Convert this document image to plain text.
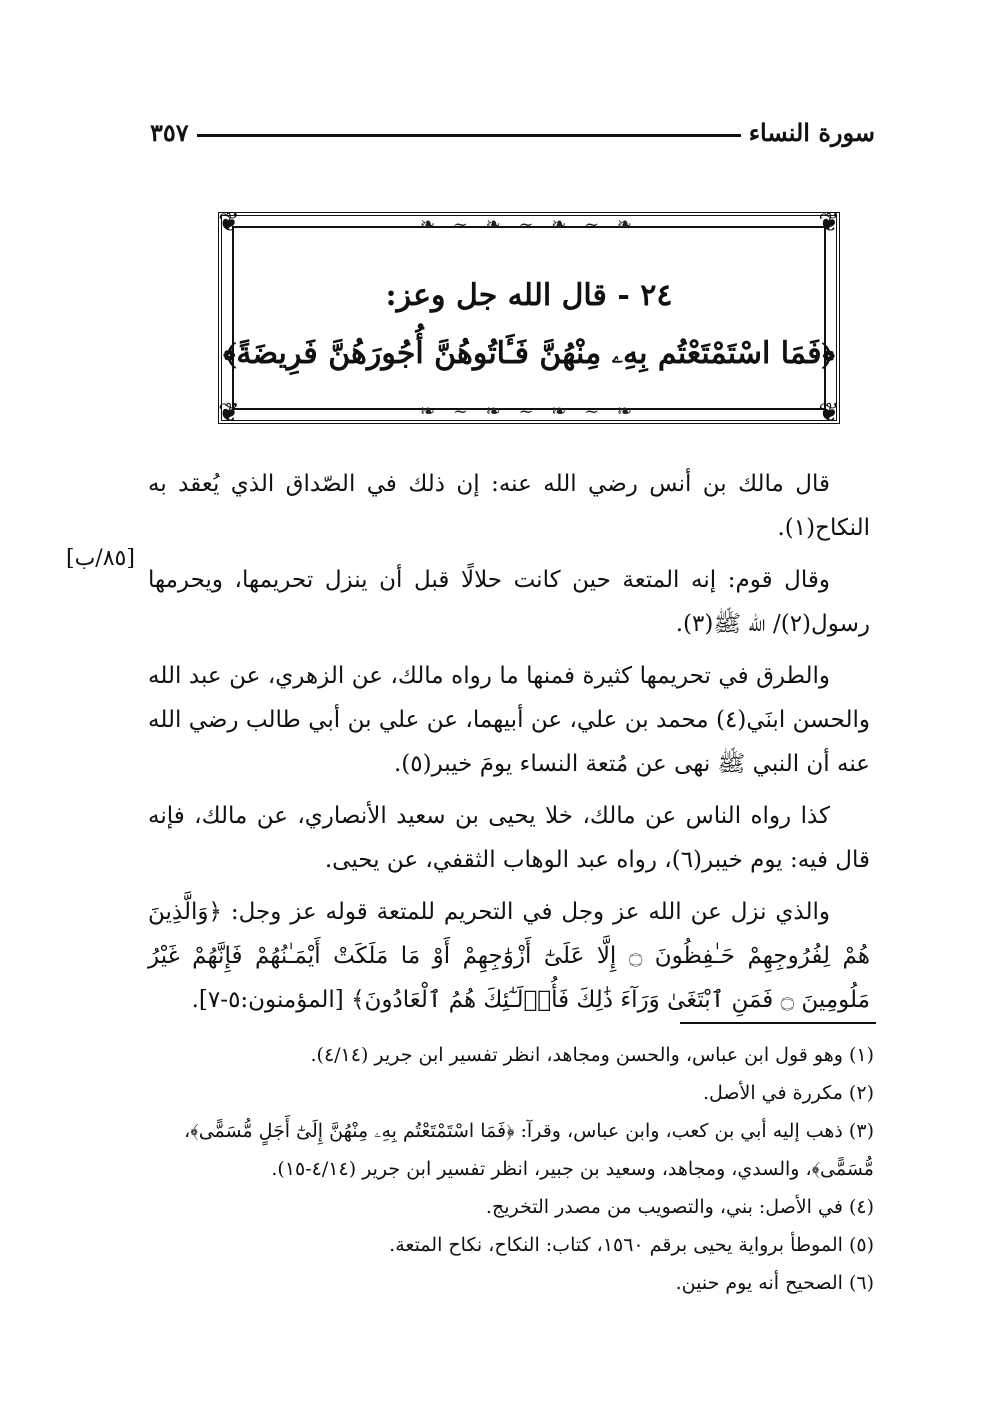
سورة النساء
٣٥٧
❦	❦
❦	❦
❧ ~ ❧ ~ ❧ ~ ❧
❧ ~ ❧ ~ ❧ ~ ❧
٢٤ - قال الله جل وعز:
﴿فَمَا اسْتَمْتَعْتُم بِهِۦ مِنْهُنَّ فَـَٔاتُوهُنَّ أُجُورَهُنَّ فَرِيضَةً﴾
[٨٥/ب]

قال مالك بن أنس رضي الله عنه: إن ذلك في الصّداق الذي يُعقد به النكاح(١).

وقال قوم: إنه المتعة حين كانت حلالًا قبل أن ينزل تحريمها، ويحرمها رسول(٢)/ الله ﷺ(٣).

والطرق في تحريمها كثيرة فمنها ما رواه مالك، عن الزهري، عن عبد الله والحسن ابنَي(٤) محمد بن علي، عن أبيهما، عن علي بن أبي طالب رضي الله عنه أن النبي ﷺ نهى عن مُتعة النساء يومَ خيبر(٥).

كذا رواه الناس عن مالك، خلا يحيى بن سعيد الأنصاري، عن مالك، فإنه قال فيه: يوم خيبر(٦)، رواه عبد الوهاب الثقفي، عن يحيى.

والذي نزل عن الله عز وجل في التحريم للمتعة قوله عز وجل: ﴿وَالَّذِينَ هُمْ لِفُرُوجِهِمْ حَـٰفِظُونَ ۝ إِلَّا عَلَىٰٓ أَزْوَٰجِهِمْ أَوْ مَا مَلَكَتْ أَيْمَـٰنُهُمْ فَإِنَّهُمْ غَيْرُ مَلُومِينَ ۝ فَمَنِ ٱبْتَغَىٰ وَرَآءَ ذَٰلِكَ فَأُو۟لَـٰٓئِكَ هُمُ ٱلْعَادُونَ﴾ [المؤمنون:٥-٧].

(١) وهو قول ابن عباس، والحسن ومجاهد، انظر تفسير ابن جرير (٤/١٤).

(٢) مكررة في الأصل.

(٣) ذهب إليه أبي بن كعب، وابن عباس، وقرآ: ﴿فَمَا اسْتَمْتَعْتُم بِهِۦ مِنْهُنَّ إِلَىٰٓ أَجَلٍ مُّسَمًّى﴾، مُّسَمًّى﴾، والسدي، ومجاهد، وسعيد بن جبير، انظر تفسير ابن جرير (٤/١٤-١٥).

(٤) في الأصل: بني، والتصويب من مصدر التخريج.

(٥) الموطأ برواية يحيى برقم ١٥٦٠، كتاب: النكاح، نكاح المتعة.

(٦) الصحيح أنه يوم حنين.
